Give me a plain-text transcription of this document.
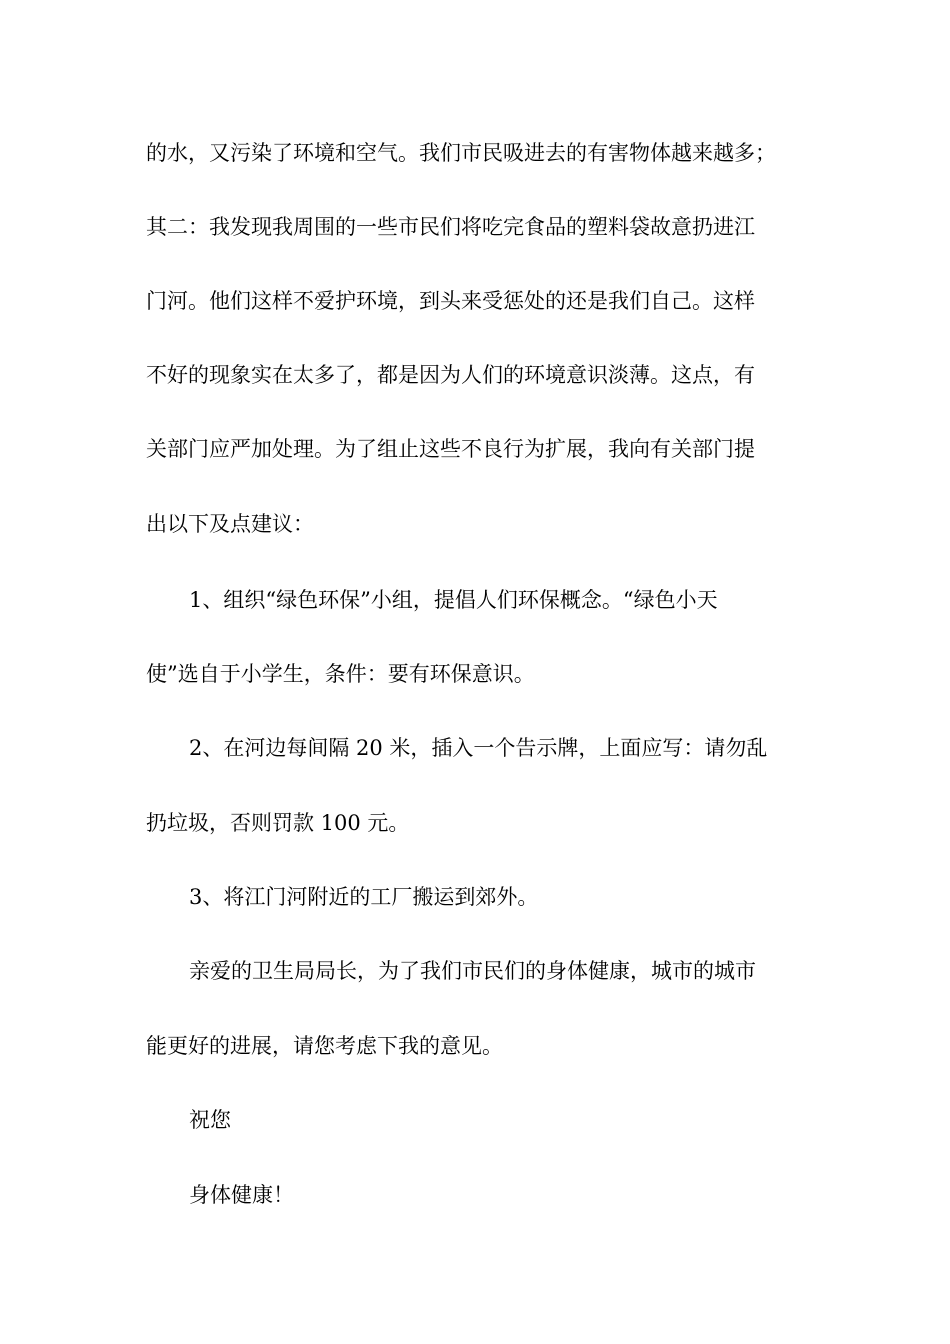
的水，又污染了环境和空气。我们市民吸进去的有害物体越来越多；
其二：我发现我周围的一些市民们将吃完食品的塑料袋故意扔进江
门河。他们这样不爱护环境，到头来受惩处的还是我们自己。这样
不好的现象实在太多了，都是因为人们的环境意识淡薄。这点，有
关部门应严加处理。为了组止这些不良行为扩展，我向有关部门提
出以下及点建议：
1、组织“绿色环保”小组，提倡人们环保概念。“绿色小天
使”选自于小学生，条件：要有环保意识。
2、在河边每间隔 20 米，插入一个告示牌，上面应写：请勿乱
扔垃圾，否则罚款 100 元。
3、将江门河附近的工厂搬运到郊外。
亲爱的卫生局局长，为了我们市民们的身体健康，城市的城市
能更好的进展，请您考虑下我的意见。
祝您
身体健康！
